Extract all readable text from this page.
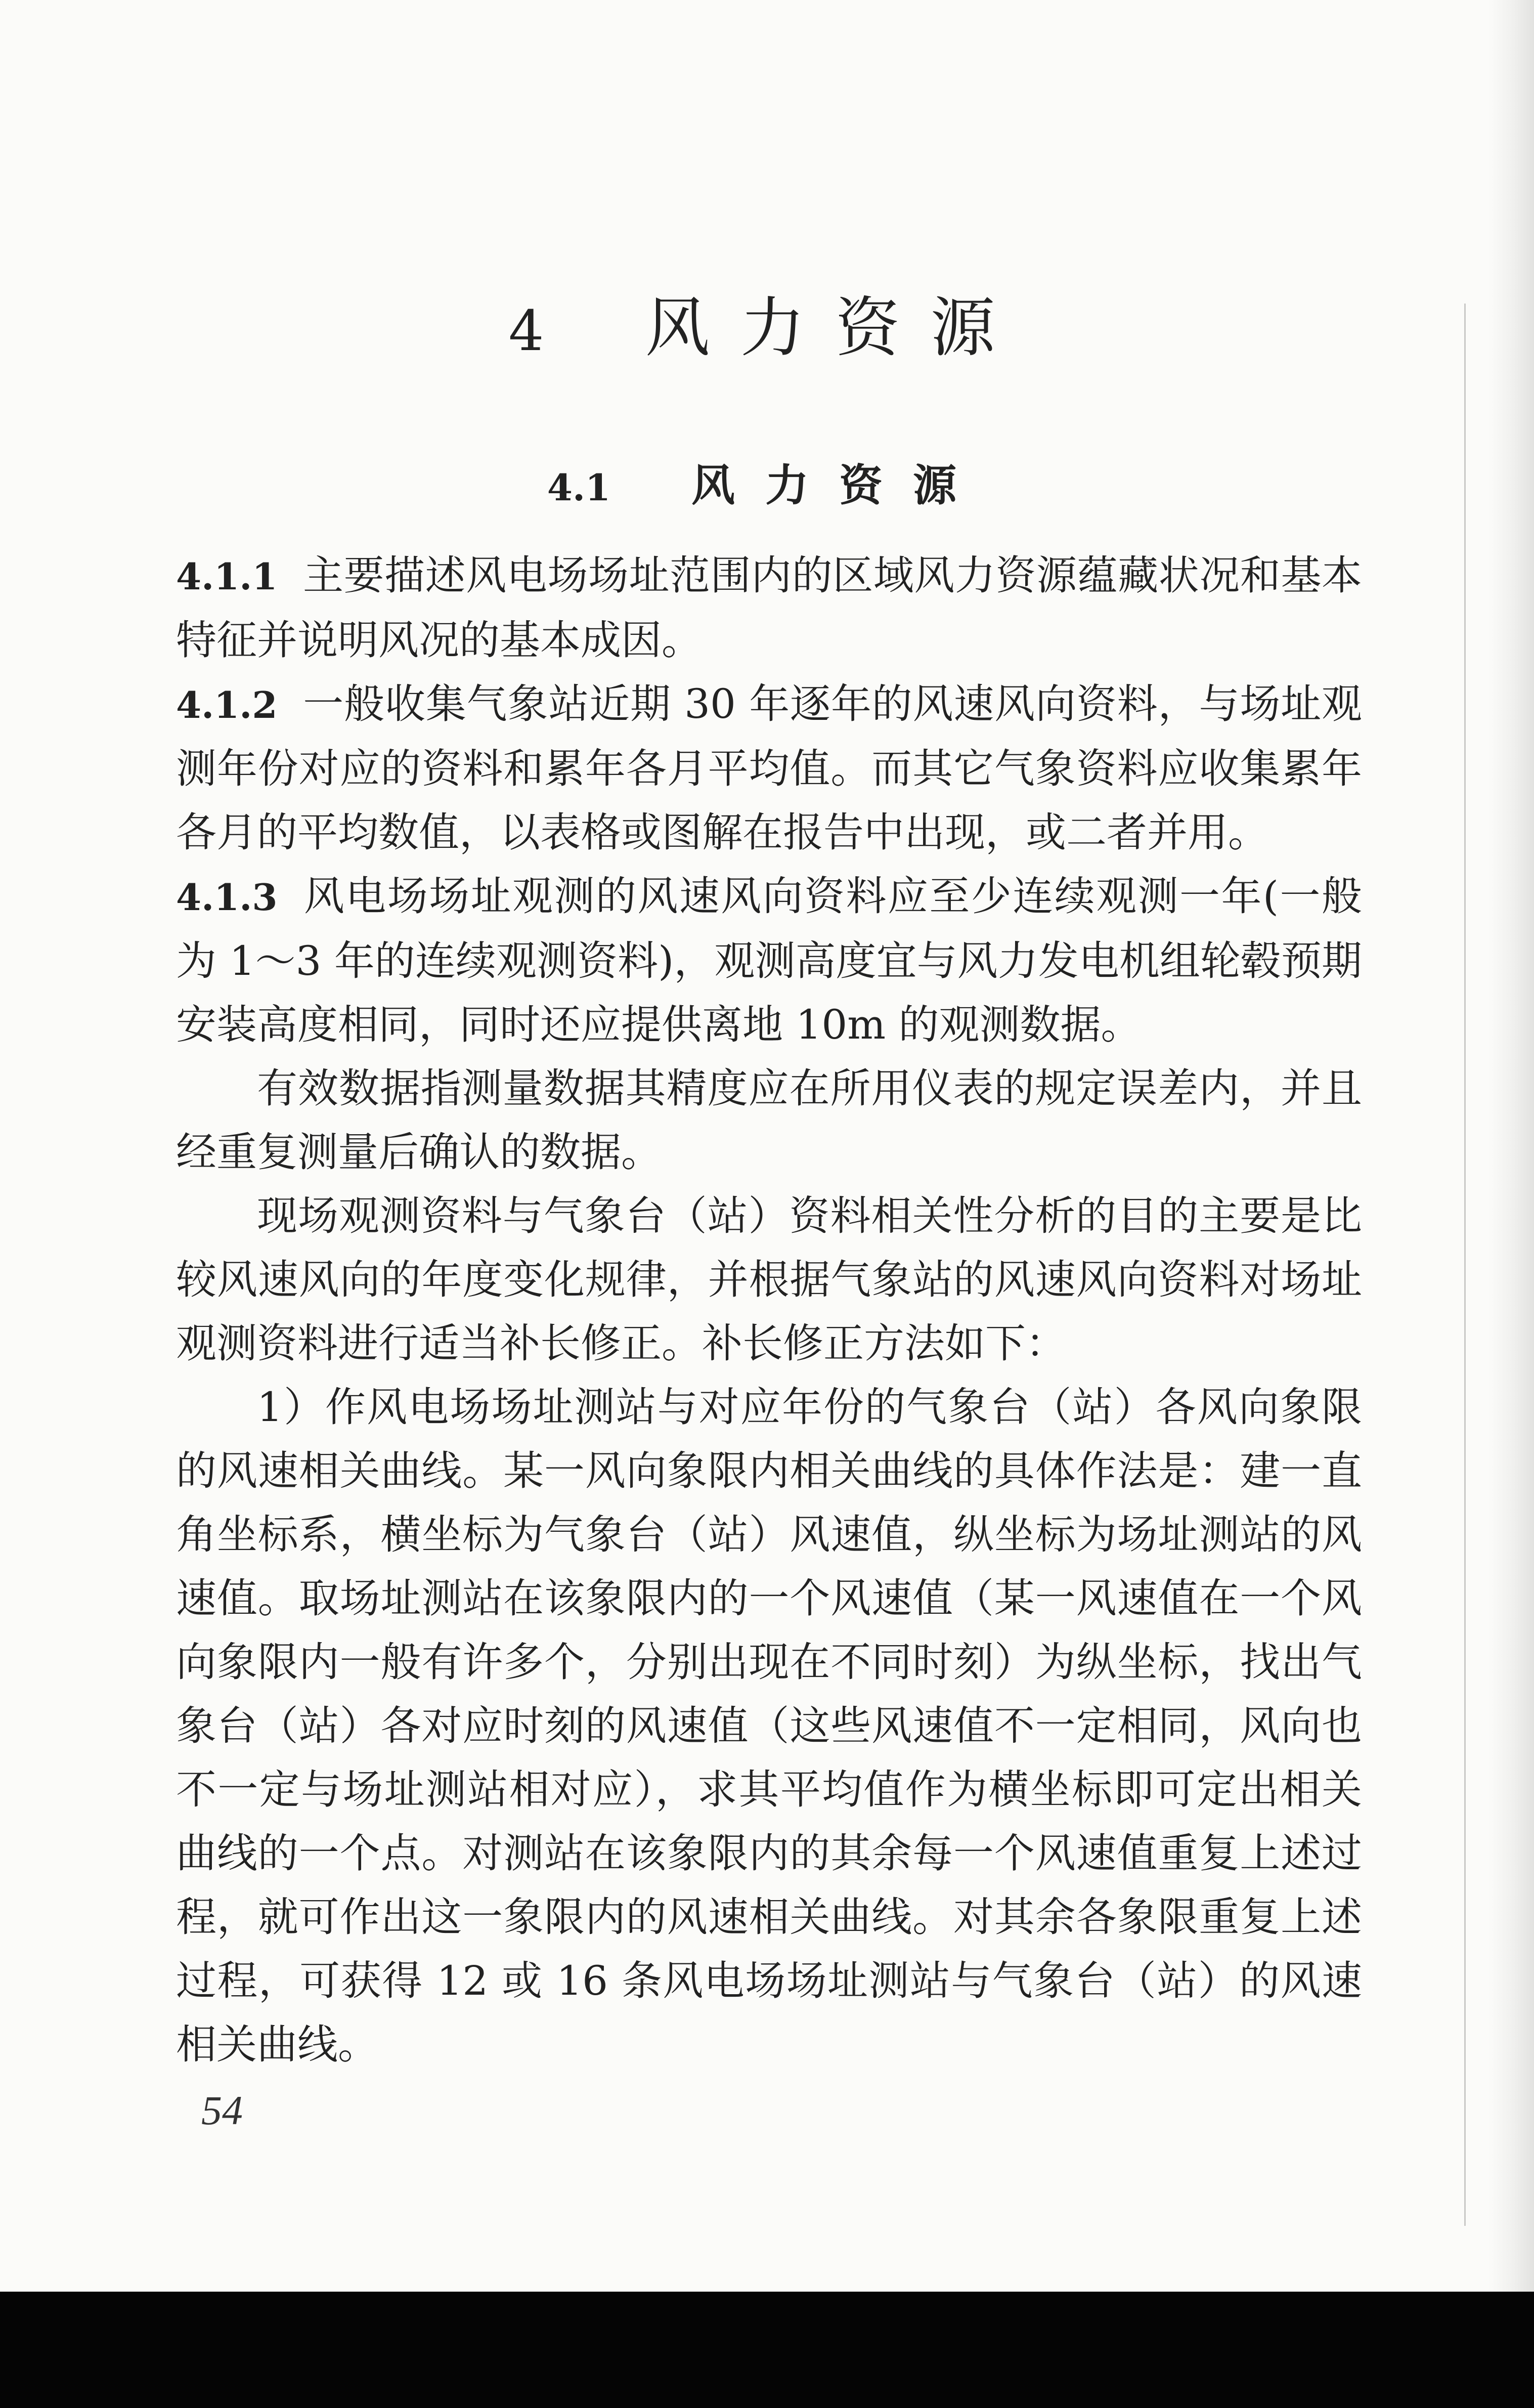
4 风力资源
4.1 风力资源

4.1.1 主要描述风电场场址范围内的区域风力资源蕴藏状况和基本特征并说明风况的基本成因。

4.1.2 一般收集气象站近期 30 年逐年的风速风向资料，与场址观测年份对应的资料和累年各月平均值。而其它气象资料应收集累年各月的平均数值，以表格或图解在报告中出现，或二者并用。

4.1.3 风电场场址观测的风速风向资料应至少连续观测一年(一般为 1～3 年的连续观测资料)，观测高度宜与风力发电机组轮毂预期安装高度相同，同时还应提供离地 10m 的观测数据。

有效数据指测量数据其精度应在所用仪表的规定误差内，并且经重复测量后确认的数据。

现场观测资料与气象台（站）资料相关性分析的目的主要是比较风速风向的年度变化规律，并根据气象站的风速风向资料对场址观测资料进行适当补长修正。补长修正方法如下：

1）作风电场场址测站与对应年份的气象台（站）各风向象限的风速相关曲线。某一风向象限内相关曲线的具体作法是：建一直角坐标系，横坐标为气象台（站）风速值，纵坐标为场址测站的风速值。取场址测站在该象限内的一个风速值（某一风速值在一个风向象限内一般有许多个，分别出现在不同时刻）为纵坐标，找出气象台（站）各对应时刻的风速值（这些风速值不一定相同，风向也不一定与场址测站相对应），求其平均值作为横坐标即可定出相关曲线的一个点。对测站在该象限内的其余每一个风速值重复上述过程，就可作出这一象限内的风速相关曲线。对其余各象限重复上述过程，可获得 12 或 16 条风电场场址测站与气象台（站）的风速相关曲线。

54
